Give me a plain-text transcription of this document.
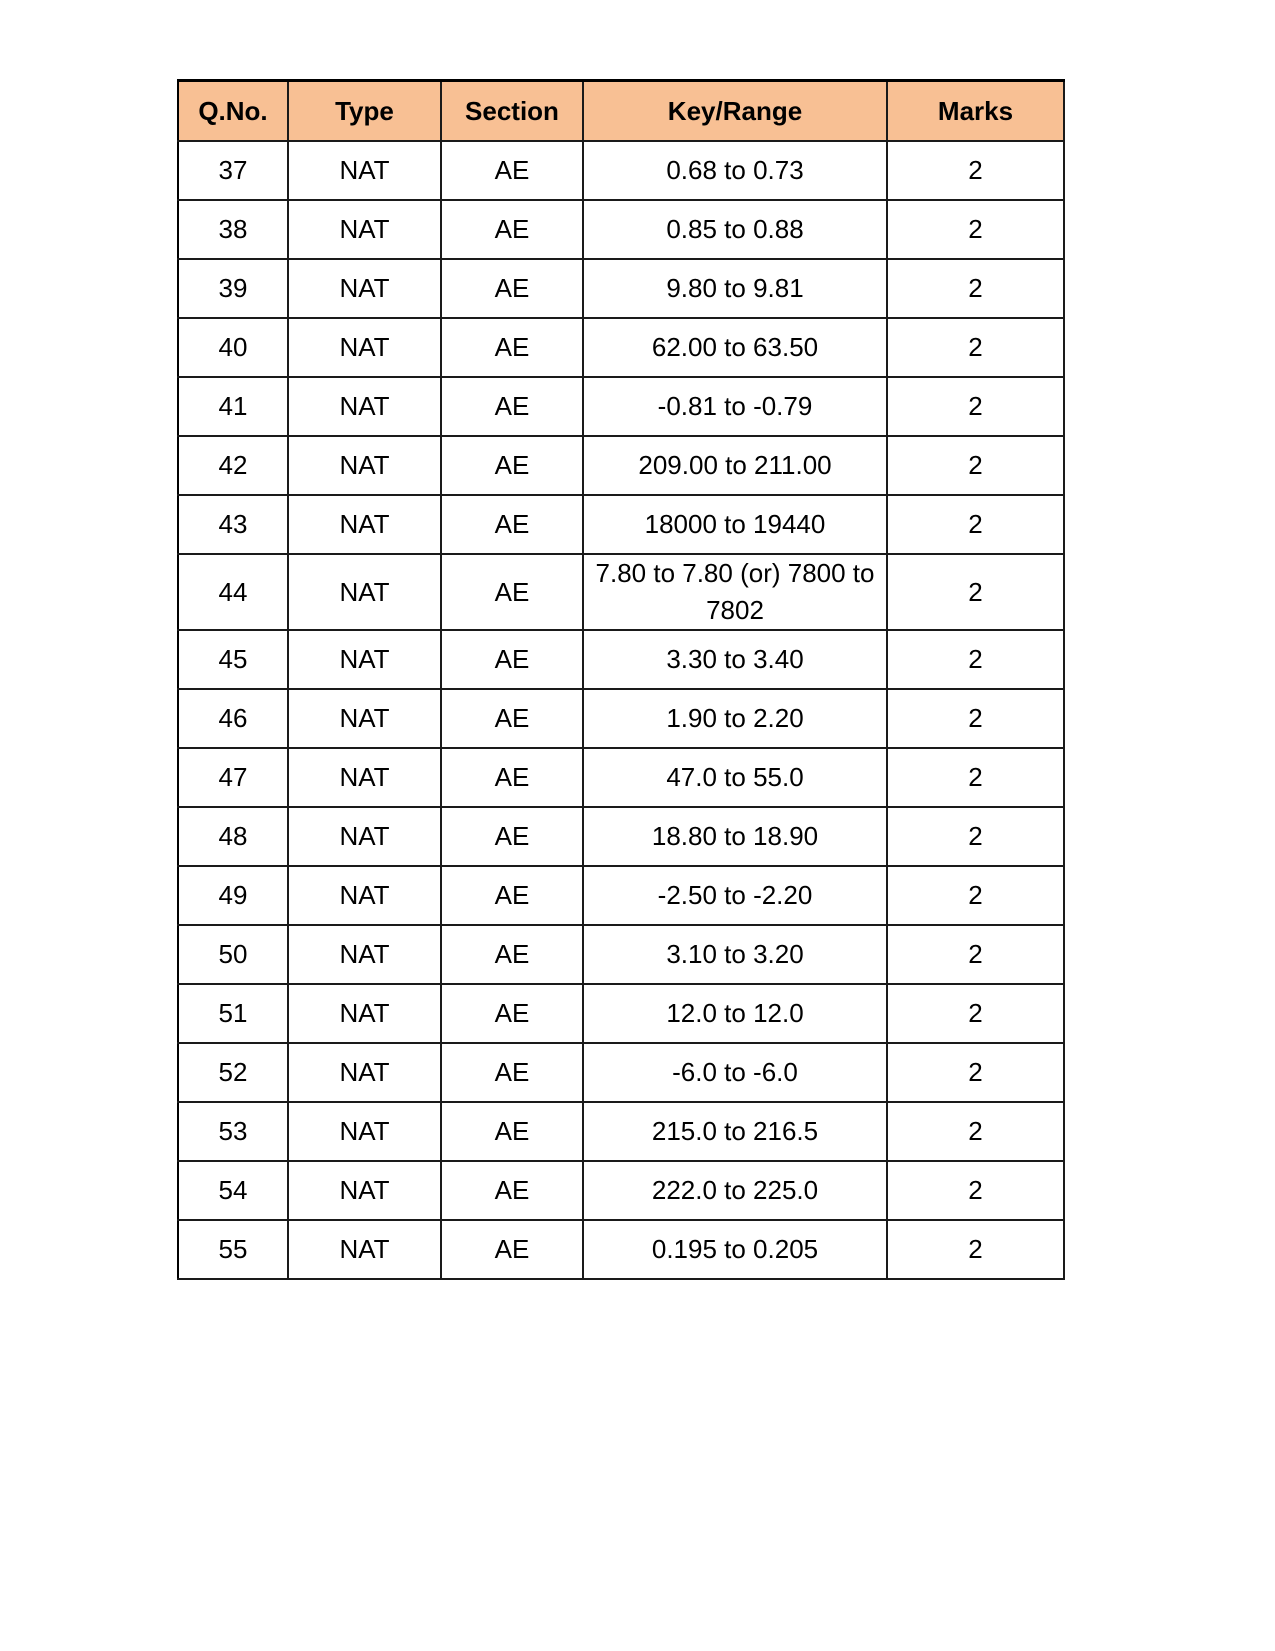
Q.No.	Type	Section	Key/Range	Marks
37	NAT	AE	0.68 to 0.73	2
38	NAT	AE	0.85 to 0.88	2
39	NAT	AE	9.80 to 9.81	2
40	NAT	AE	62.00 to 63.50	2
41	NAT	AE	-0.81 to -0.79	2
42	NAT	AE	209.00 to 211.00	2
43	NAT	AE	18000 to 19440	2
44	NAT	AE	7.80 to 7.80 (or) 7800 to 7802	2
45	NAT	AE	3.30 to 3.40	2
46	NAT	AE	1.90 to 2.20	2
47	NAT	AE	47.0 to 55.0	2
48	NAT	AE	18.80 to 18.90	2
49	NAT	AE	-2.50 to -2.20	2
50	NAT	AE	3.10 to 3.20	2
51	NAT	AE	12.0 to 12.0	2
52	NAT	AE	-6.0 to -6.0	2
53	NAT	AE	215.0 to 216.5	2
54	NAT	AE	222.0 to 225.0	2
55	NAT	AE	0.195 to 0.205	2
